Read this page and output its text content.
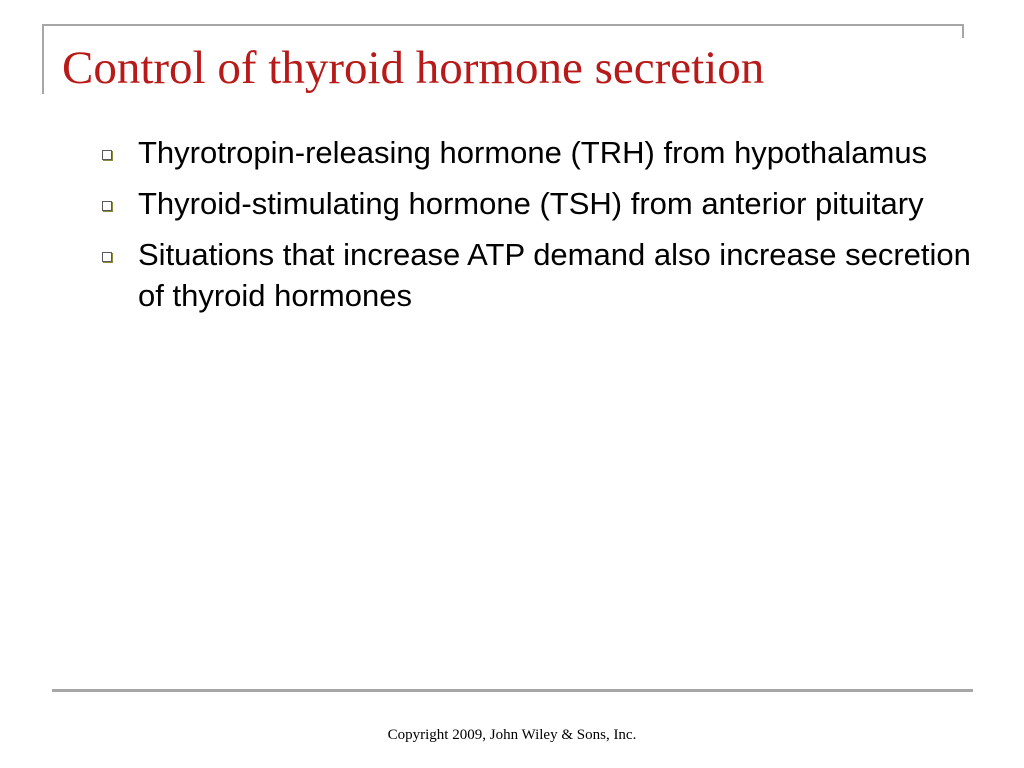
Control of thyroid hormone secretion
Thyrotropin-releasing hormone (TRH) from hypothalamus
Thyroid-stimulating hormone (TSH) from anterior pituitary
Situations that increase ATP demand also increase secretion of thyroid hormones
Copyright 2009, John Wiley & Sons, Inc.
